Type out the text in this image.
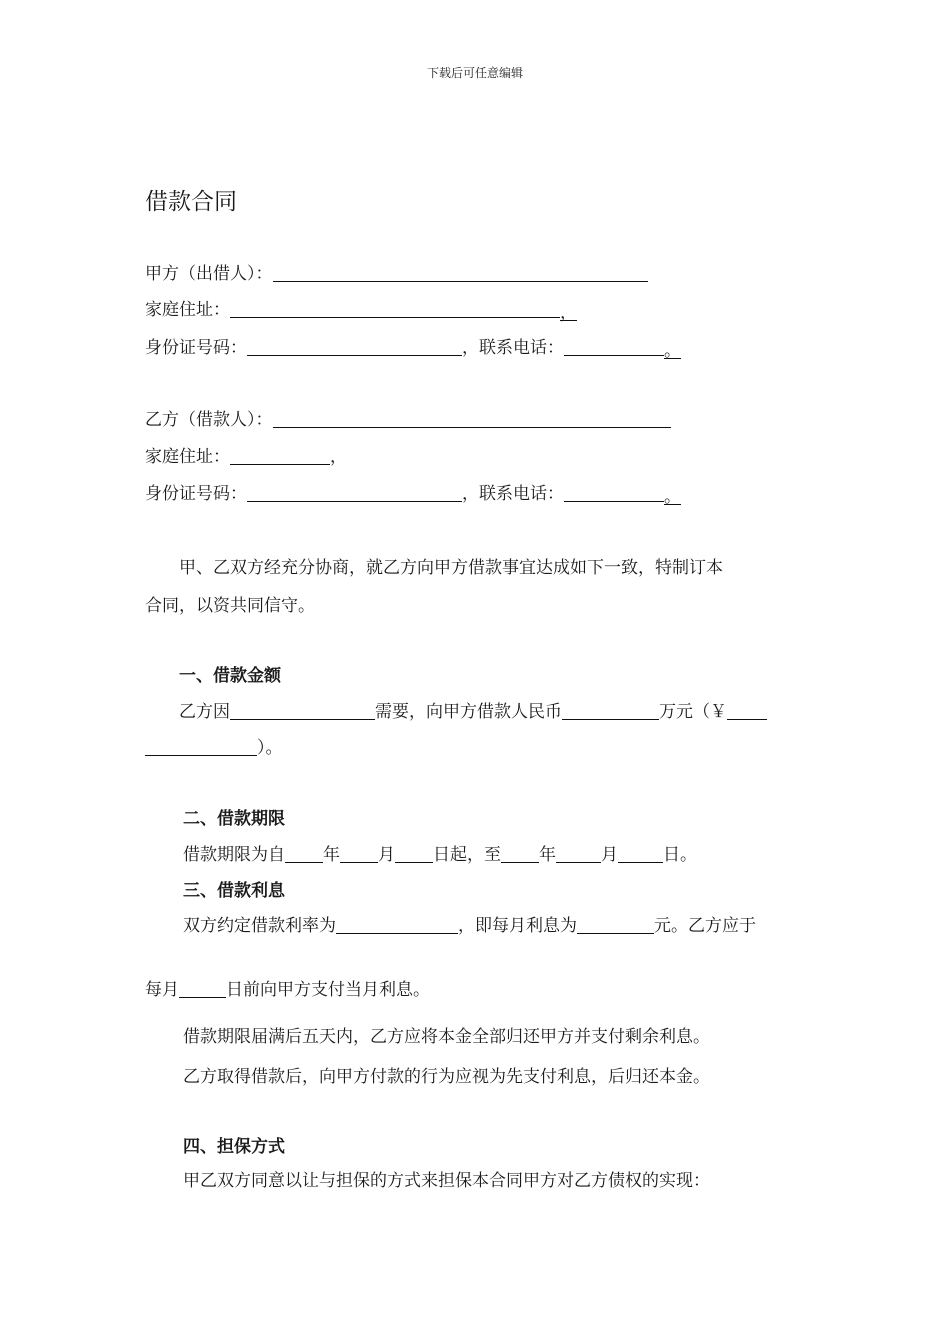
下载后可任意编辑
借款合同
甲方（出借人）：
家庭住址：	，
身份证号码：	，联系电话：	。
乙方（借款人）：
家庭住址：	，
身份证号码：	，联系电话：	。
甲、乙双方经充分协商，就乙方向甲方借款事宜达成如下一致，特制订本
合同，以资共同信守。
一、借款金额
乙方因	需要，向甲方借款人民币	万元（￥
）。
二、借款期限
借款期限为自 年 月 日起，至 年	月	日。
三、借款利息
双方约定借款利率为	，即每月利息为	元。乙方应于
每月	日前向甲方支付当月利息。
借款期限届满后五天内，乙方应将本金全部归还甲方并支付剩余利息。
乙方取得借款后，向甲方付款的行为应视为先支付利息，后归还本金。
四、担保方式
甲乙双方同意以让与担保的方式来担保本合同甲方对乙方债权的实现：
